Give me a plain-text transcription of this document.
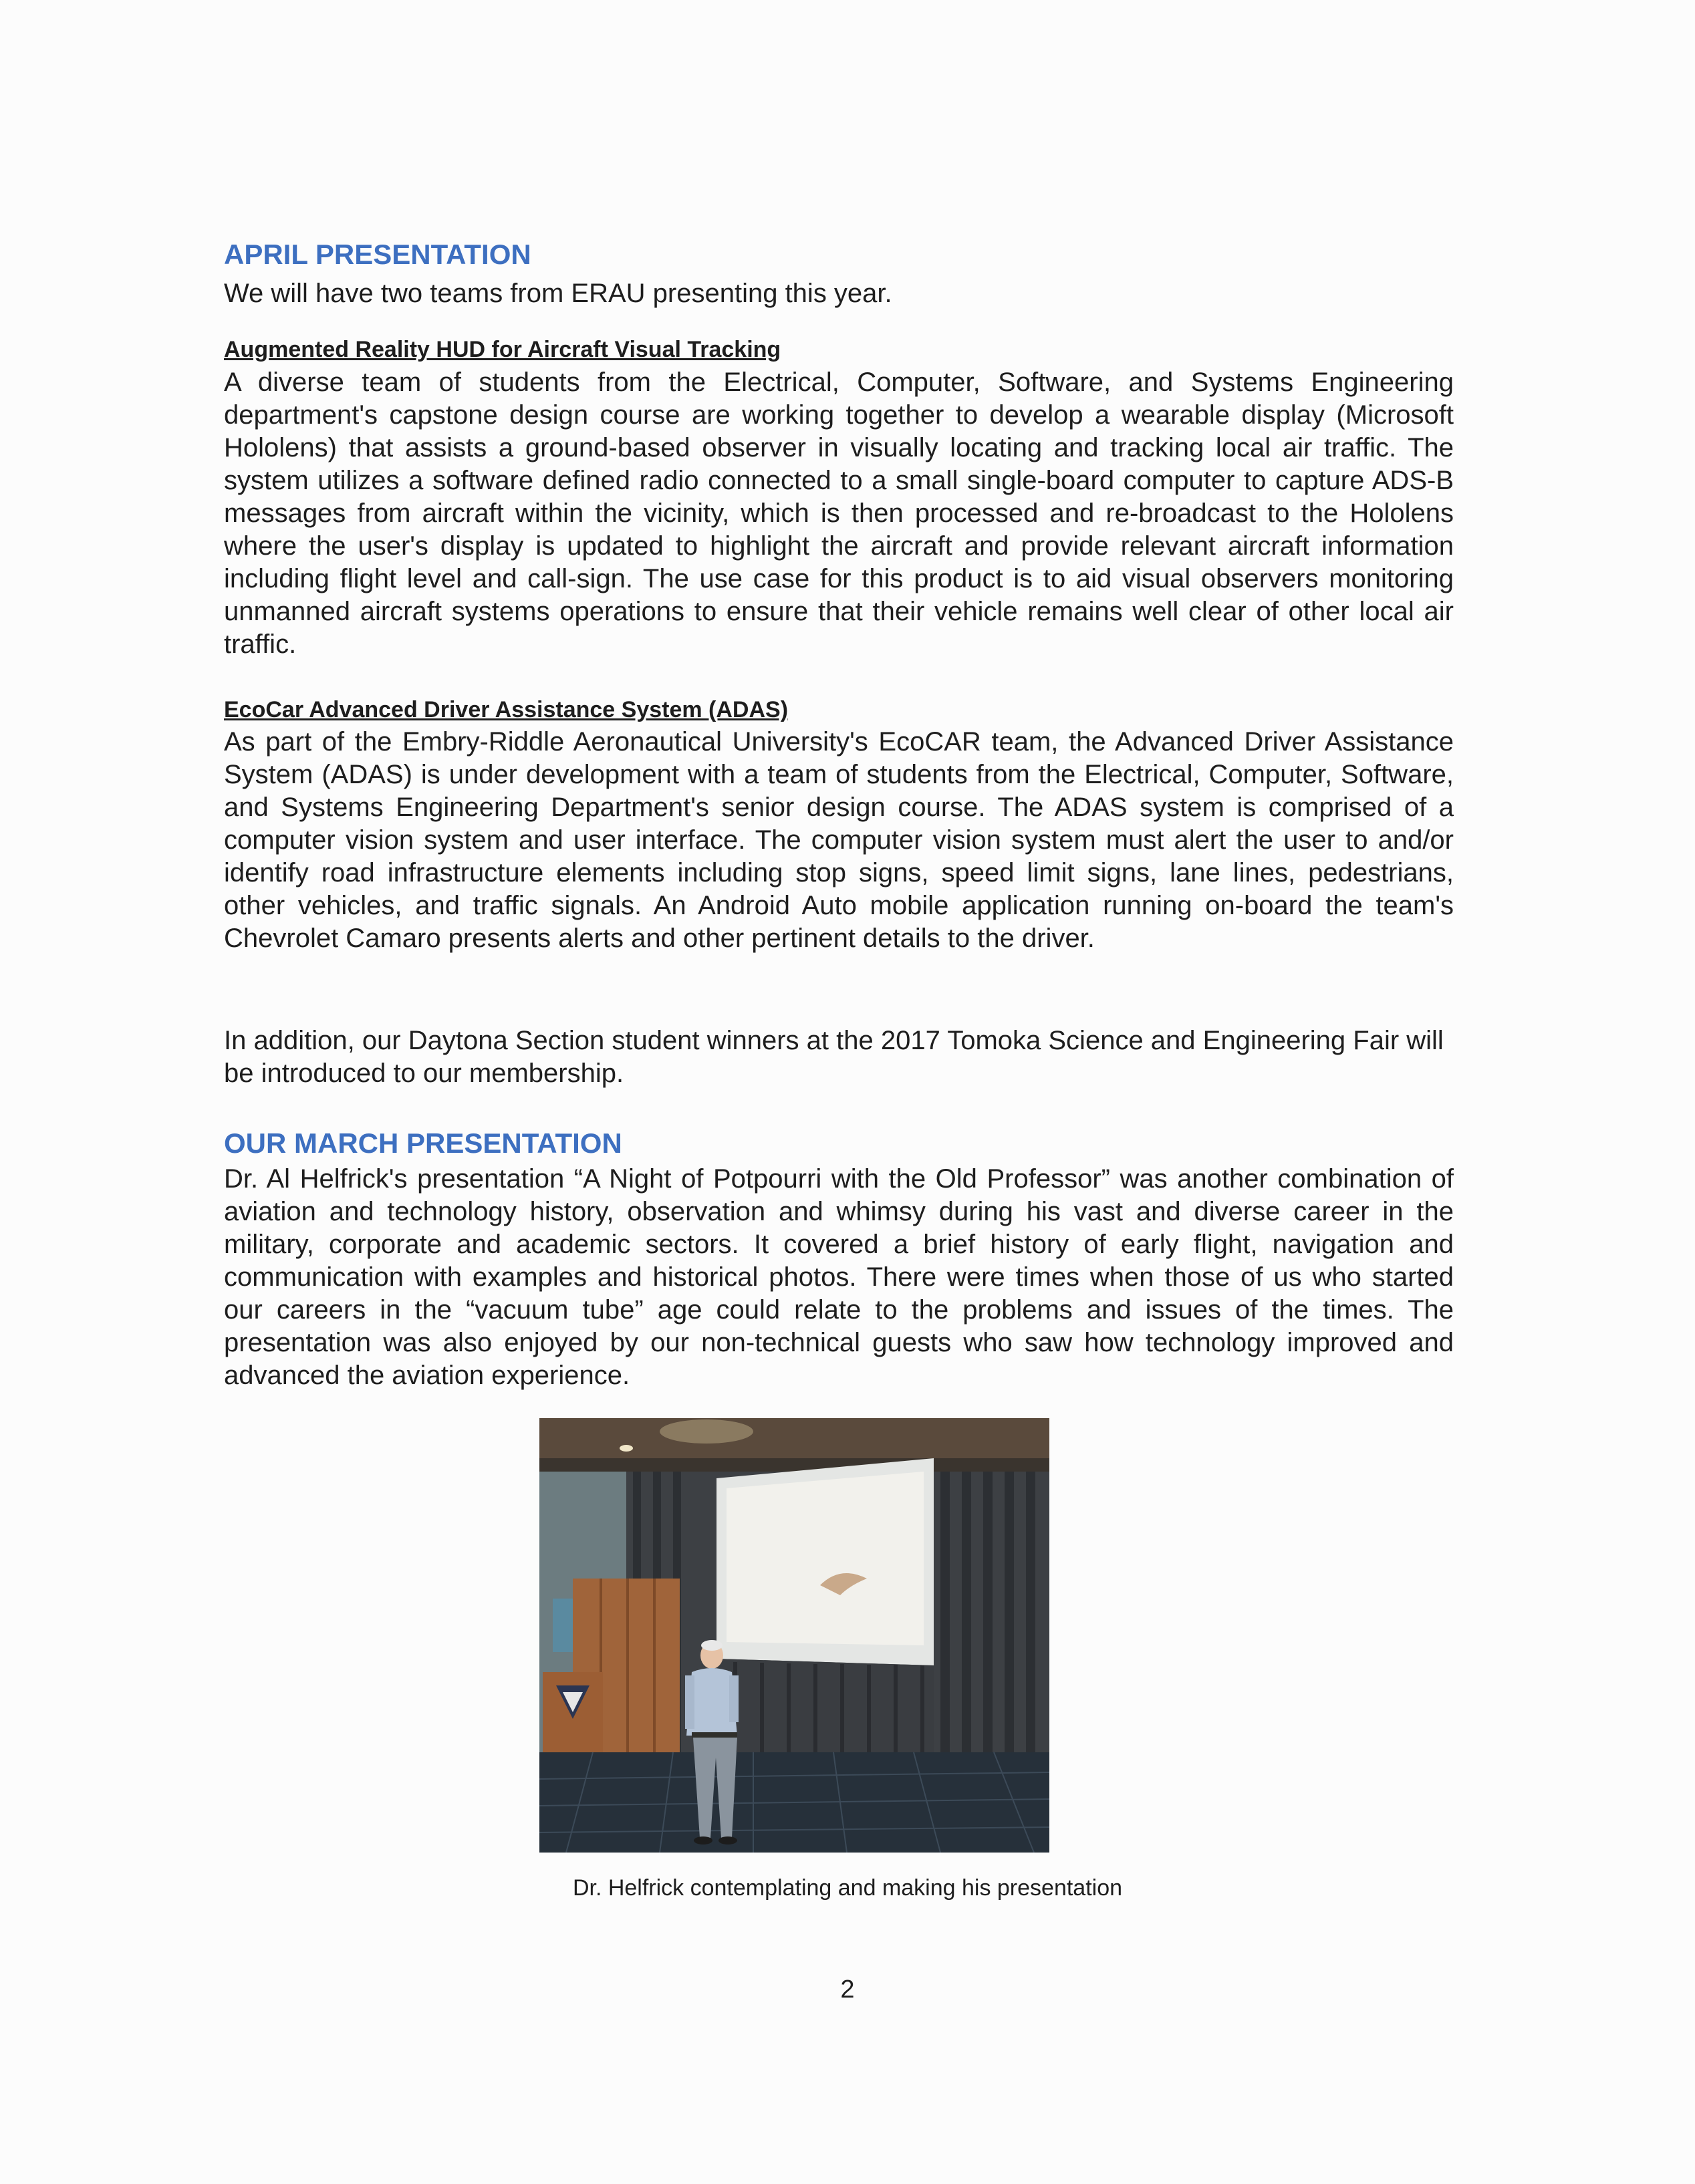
APRIL PRESENTATION

We will have two teams from ERAU presenting this year.

Augmented Reality HUD for Aircraft Visual Tracking

A diverse team of students from the Electrical, Computer, Software, and Systems Engineering department's capstone design course are working together to develop a wearable display (Microsoft Hololens) that assists a ground-based observer in visually locating and tracking local air traffic. The system utilizes a software defined radio connected to a small single-board computer to capture ADS-B messages from aircraft within the vicinity, which is then processed and re-broadcast to the Hololens where the user's display is updated to highlight the aircraft and provide relevant aircraft information including flight level and call-sign. The use case for this product is to aid visual observers monitoring unmanned aircraft systems operations to ensure that their vehicle remains well clear of other local air traffic.

EcoCar Advanced Driver Assistance System (ADAS)

As part of the Embry-Riddle Aeronautical University's EcoCAR team, the Advanced Driver Assistance System (ADAS) is under development with a team of students from the Electrical, Computer, Software, and Systems Engineering Department's senior design course. The ADAS system is comprised of a computer vision system and user interface. The computer vision system must alert the user to and/or identify road infrastructure elements including stop signs, speed limit signs, lane lines, pedestrians, other vehicles, and traffic signals. An Android Auto mobile application running on-board the team's Chevrolet Camaro presents alerts and other pertinent details to the driver.

In addition, our Daytona Section student winners at the 2017 Tomoka Science and Engineering Fair will be introduced to our membership.

OUR MARCH PRESENTATION

Dr. Al Helfrick's presentation “A Night of Potpourri with the Old Professor” was another combination of aviation and technology history, observation and whimsy during his vast and diverse career in the military, corporate and academic sectors. It covered a brief history of early flight, navigation and communication with examples and historical photos. There were times when those of us who started our careers in the “vacuum tube” age could relate to the problems and issues of the times. The presentation was also enjoyed by our non-technical guests who saw how technology improved and advanced the aviation experience.

Dr. Helfrick contemplating and making his presentation

2
